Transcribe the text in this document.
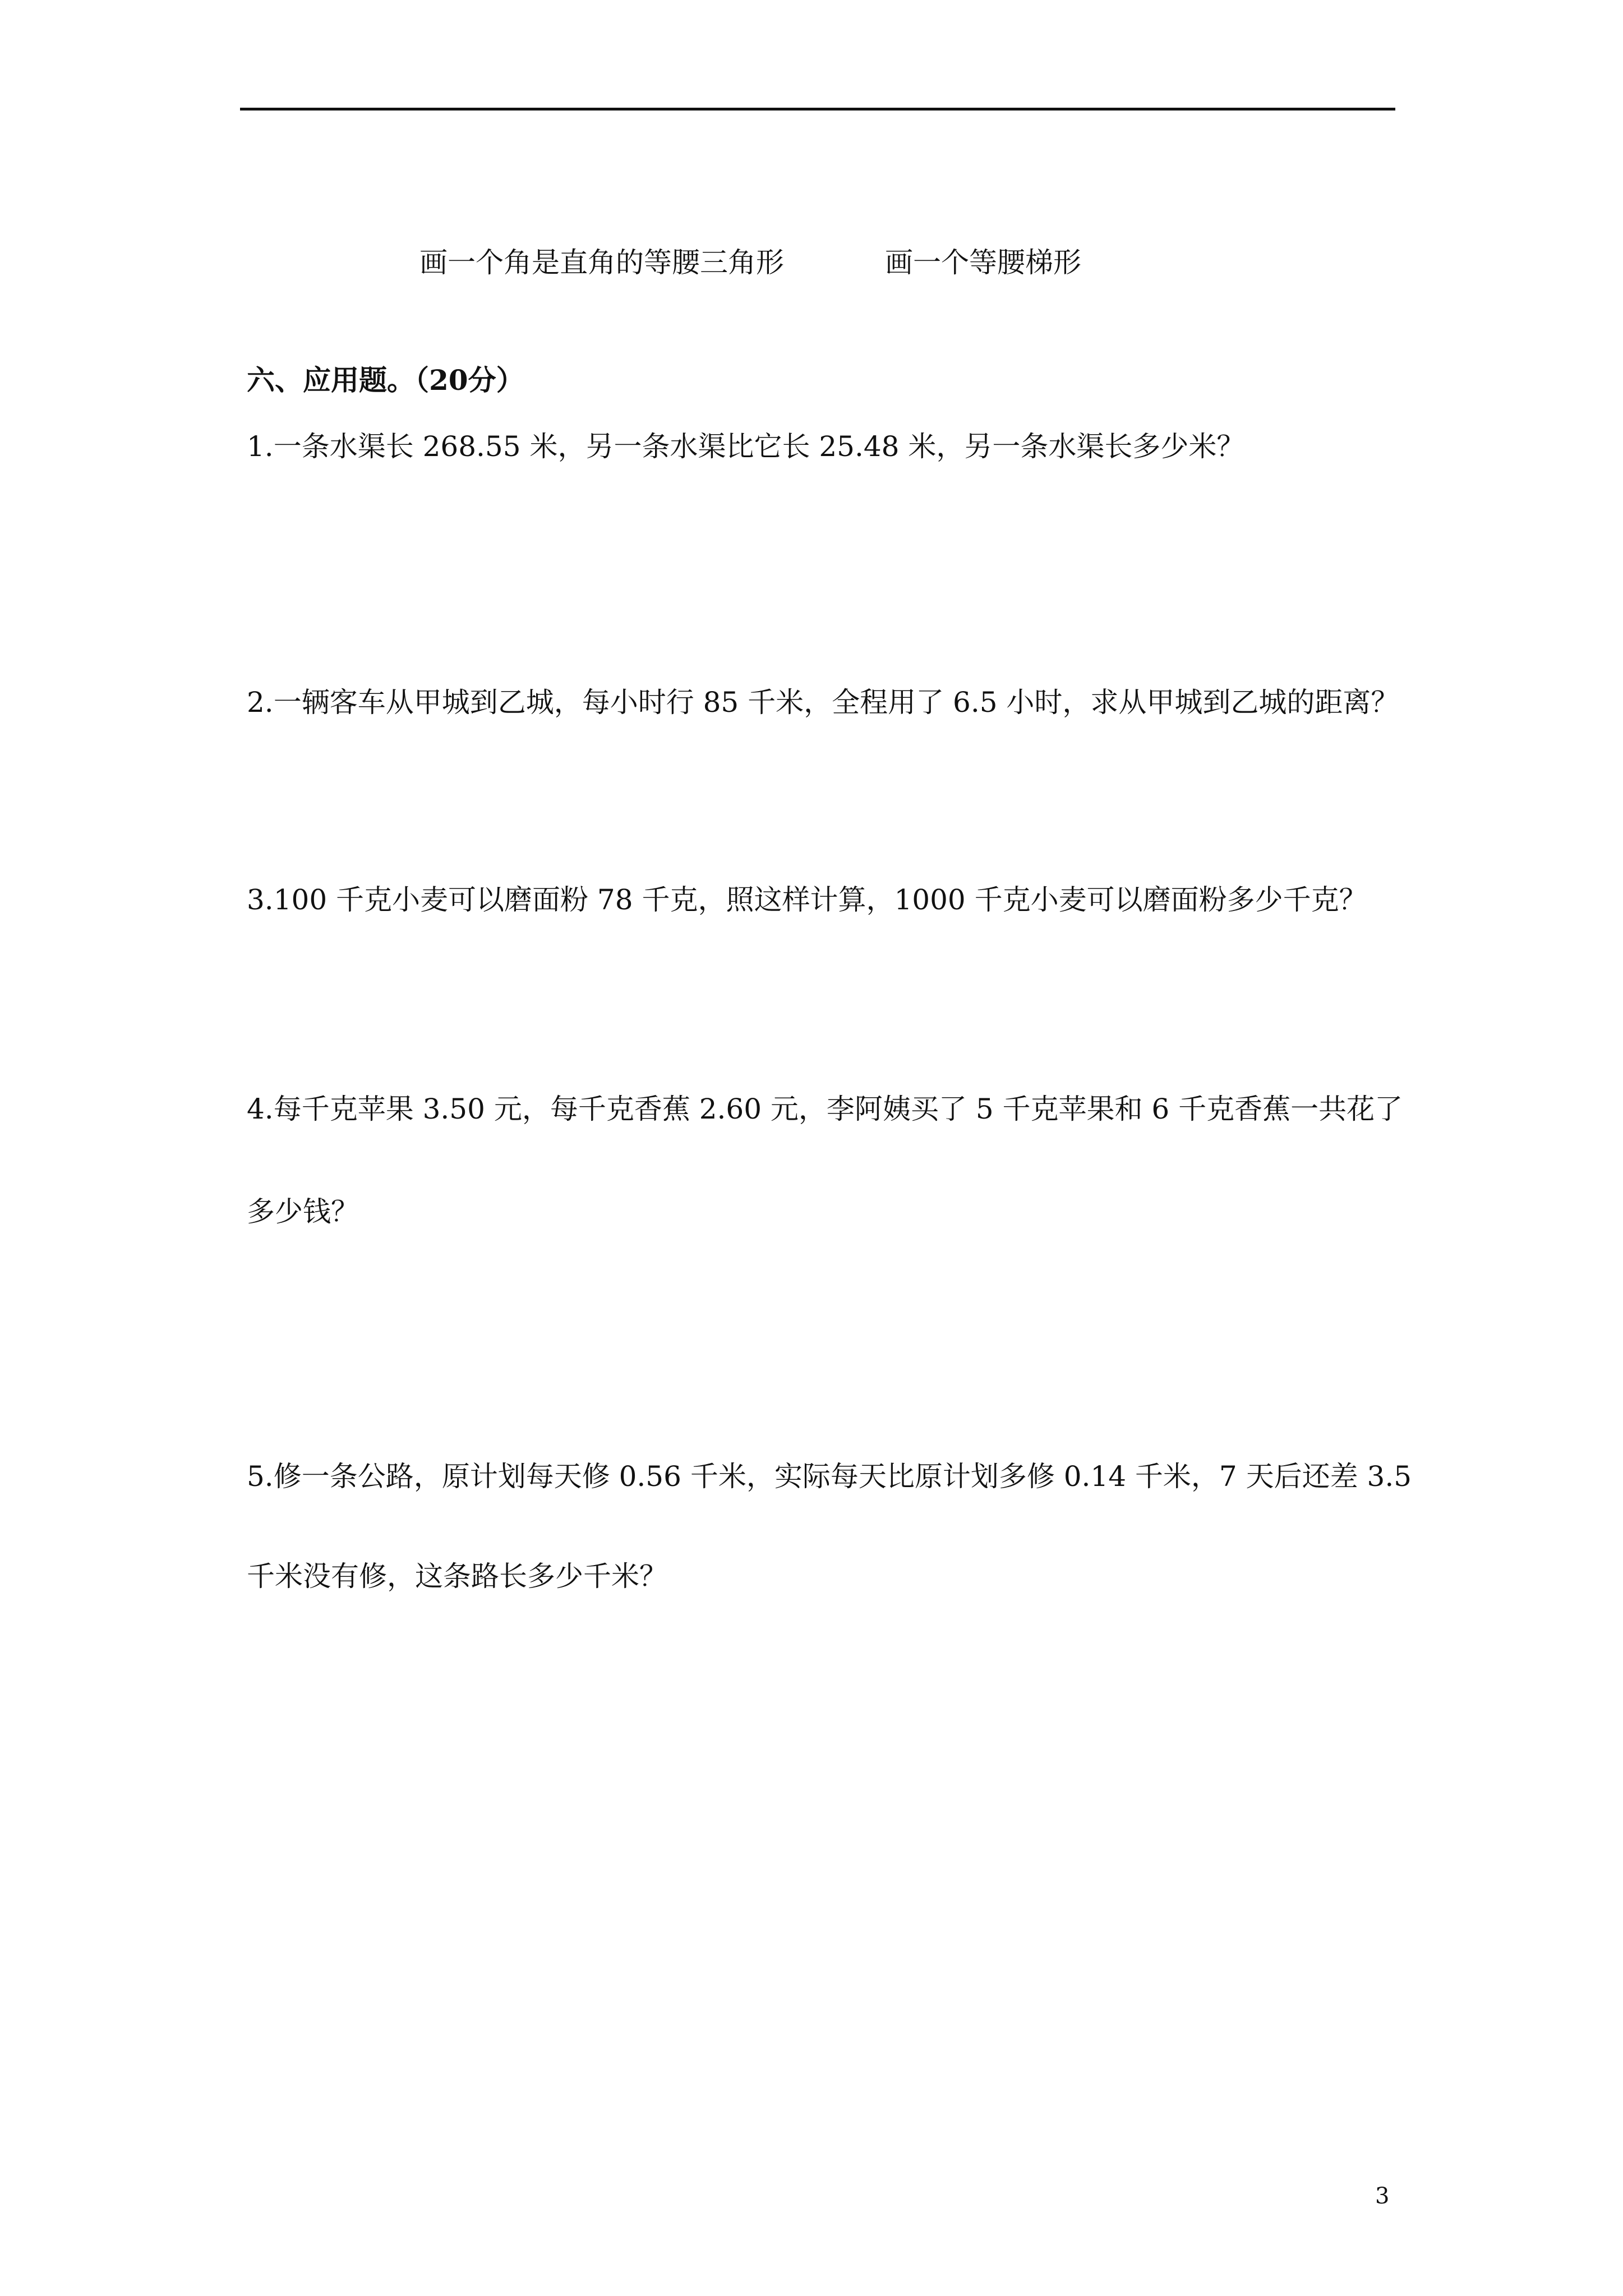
画一个角是直角的等腰三角形	画一个等腰梯形
六、应用题。（20分）
1.一条水渠长 268.55 米，另一条水渠比它长 25.48 米，另一条水渠长多少米？
2.一辆客车从甲城到乙城，每小时行 85 千米，全程用了 6.5 小时，求从甲城到乙城的距离？
3.100 千克小麦可以磨面粉 78 千克，照这样计算，1000 千克小麦可以磨面粉多少千克？
4.每千克苹果 3.50 元，每千克香蕉 2.60 元，李阿姨买了 5 千克苹果和 6 千克香蕉一共花了
多少钱？
5.修一条公路，原计划每天修 0.56 千米，实际每天比原计划多修 0.14 千米，7 天后还差 3.5
千米没有修，这条路长多少千米？
3
